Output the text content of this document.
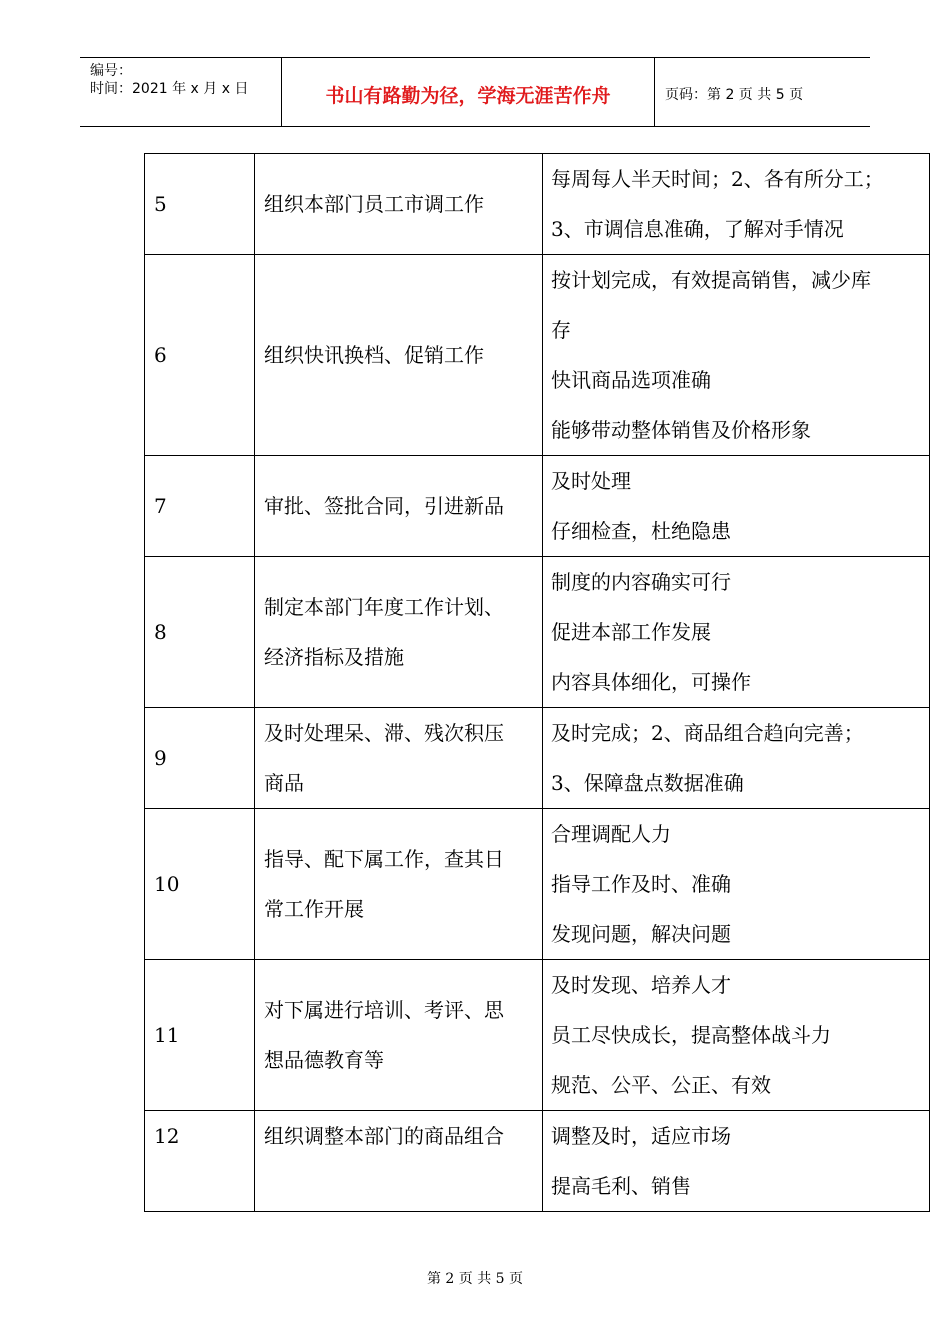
编号：
时间：2021 年 x 月 x 日	书山有路勤为径，学海无涯苦作舟	页码：第 2 页 共 5 页
5	组织本部门员工市调工作	每周每人半天时间；2、各有所分工；
3、市调信息准确，了解对手情况

6	组织快讯换档、促销工作	按计划完成，有效提高销售，减少库
存
快讯商品选项准确
能够带动整体销售及价格形象

7	审批、签批合同，引进新品	及时处理
仔细检查，杜绝隐患

8	制定本部门年度工作计划、
经济指标及措施	制度的内容确实可行
促进本部工作发展
内容具体细化，可操作

9	及时处理呆、滞、残次积压
商品	及时完成；2、商品组合趋向完善；
3、保障盘点数据准确

10	指导、配下属工作，查其日
常工作开展	合理调配人力
指导工作及时、准确
发现问题，解决问题

11	对下属进行培训、考评、思
想品德教育等	及时发现、培养人才
员工尽快成长，提高整体战斗力
规范、公平、公正、有效

12	组织调整本部门的商品组合	调整及时，适应市场
提高毛利、销售
第 2 页 共 5 页
